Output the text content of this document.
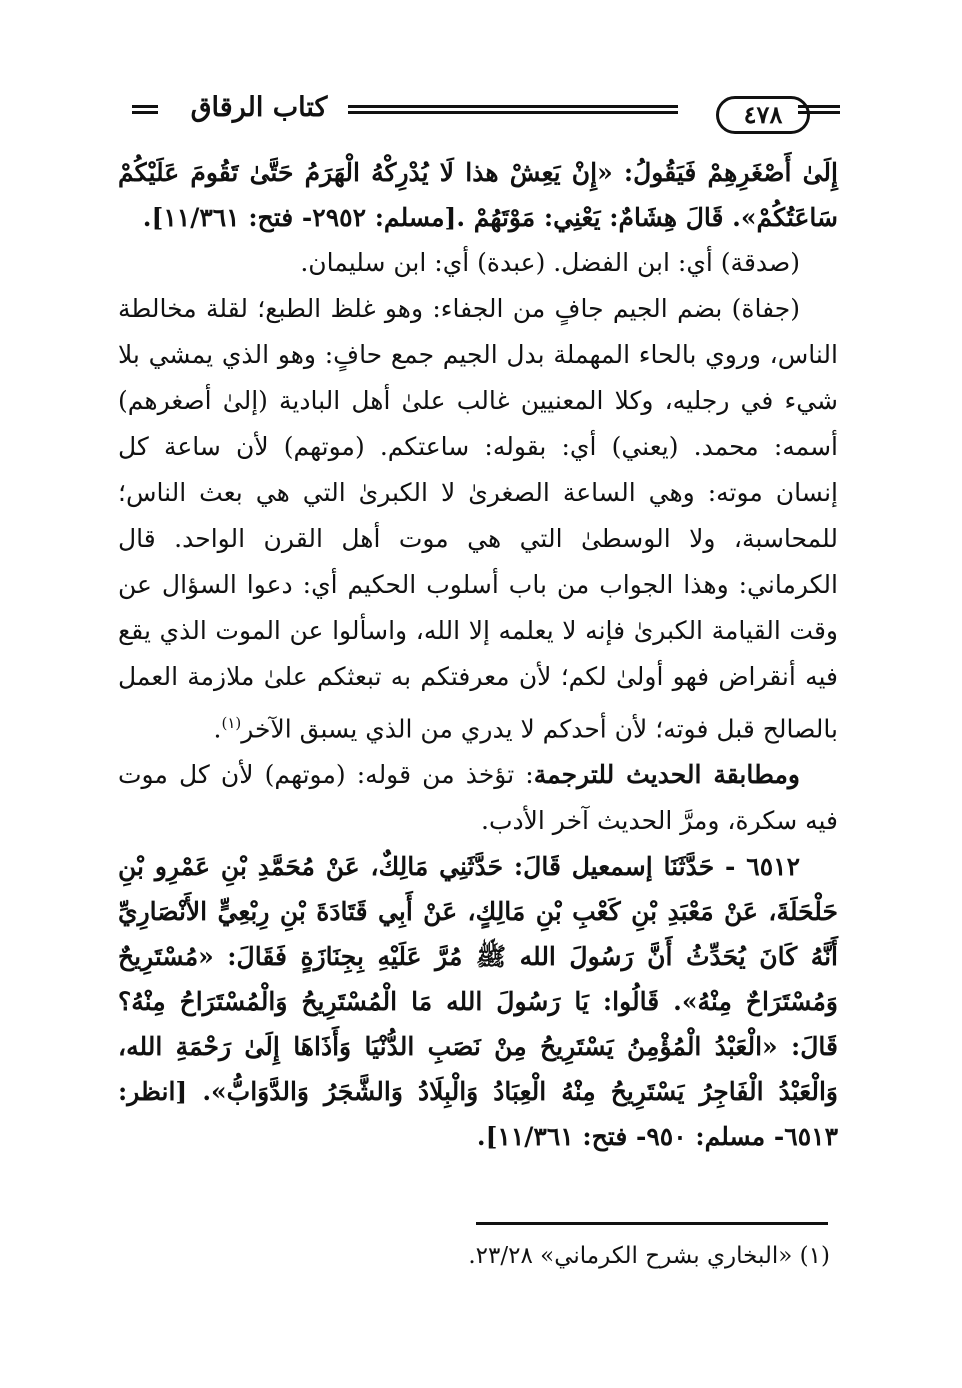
كتاب الرقاق	٤٧٨

إِلَىٰ أَصْغَرِهِمْ فَيَقُولُ: «إِنْ يَعِشْ هذا لَا يُدْرِكْهُ الْهَرَمُ حَتَّىٰ تَقُومَ عَلَيْكُمْ سَاعَتُكُمْ». قَالَ هِشَامٌ: يَعْنِي: مَوْتَهُمْ .[مسلم: ٢٩٥٢- فتح: ١١/٣٦١].

(صدقة) أي: ابن الفضل. (عبدة) أي: ابن سليمان.

(جفاة) بضم الجيم جافٍ من الجفاء: وهو غلظ الطبع؛ لقلة مخالطة الناس، وروي بالحاء المهملة بدل الجيم جمع حافٍ: وهو الذي يمشي بلا شيء في رجليه، وكلا المعنيين غالب علىٰ أهل البادية (إلىٰ أصغرهم) أسمه: محمد. (يعني) أي: بقوله: ساعتكم. (موتهم) لأن ساعة كل إنسان موته: وهي الساعة الصغرىٰ لا الكبرىٰ التي هي بعث الناس؛ للمحاسبة، ولا الوسطىٰ التي هي موت أهل القرن الواحد. قال الكرماني: وهذا الجواب من باب أسلوب الحكيم أي: دعوا السؤال عن وقت القيامة الكبرىٰ فإنه لا يعلمه إلا الله، واسألوا عن الموت الذي يقع فيه أنقراض فهو أولىٰ لكم؛ لأن معرفتكم به تبعثكم علىٰ ملازمة العمل بالصالح قبل فوته؛ لأن أحدكم لا يدري من الذي يسبق الآخر$^{(١)}$.

ومطابقة الحديث للترجمة: تؤخذ من قوله: (موتهم) لأن كل موت فيه سكرة، ومرَّ الحديث آخر الأدب.

٦٥١٢ - حَدَّثَنَا إسمعيل قَالَ: حَدَّثَنِي مَالِكٌ، عَنْ مُحَمَّدِ بْنِ عَمْرِو بْنِ حَلْحَلَةَ، عَنْ مَعْبَدِ بْنِ كَعْبِ بْنِ مَالِكٍ، عَنْ أَبِي قَتَادَةَ بْنِ رِبْعِيٍّ الأَنْصَارِيِّ أَنَّهُ كَانَ يُحَدِّثُ أَنَّ رَسُولَ الله ﷺ مُرَّ عَلَيْهِ بِجِنَازَةٍ فَقَالَ: «مُسْتَرِيحٌ وَمُسْتَرَاحٌ مِنْهُ». قَالُوا: يَا رَسُولَ الله مَا الْمُسْتَرِيحُ وَالْمُسْتَرَاحُ مِنْهُ؟ قَالَ: «الْعَبْدُ الْمُؤْمِنُ يَسْتَرِيحُ مِنْ نَصَبِ الدُّنْيَا وَأَذَاهَا إِلَىٰ رَحْمَةِ الله، وَالْعَبْدُ الْفَاجِرُ يَسْتَرِيحُ مِنْهُ الْعِبَادُ وَالْبِلَادُ وَالشَّجَرُ وَالدَّوَابُّ». [انظر: ٦٥١٣- مسلم: ٩٥٠- فتح: ١١/٣٦١].

(١) «البخاري بشرح الكرماني» ٢٣/٢٨.
